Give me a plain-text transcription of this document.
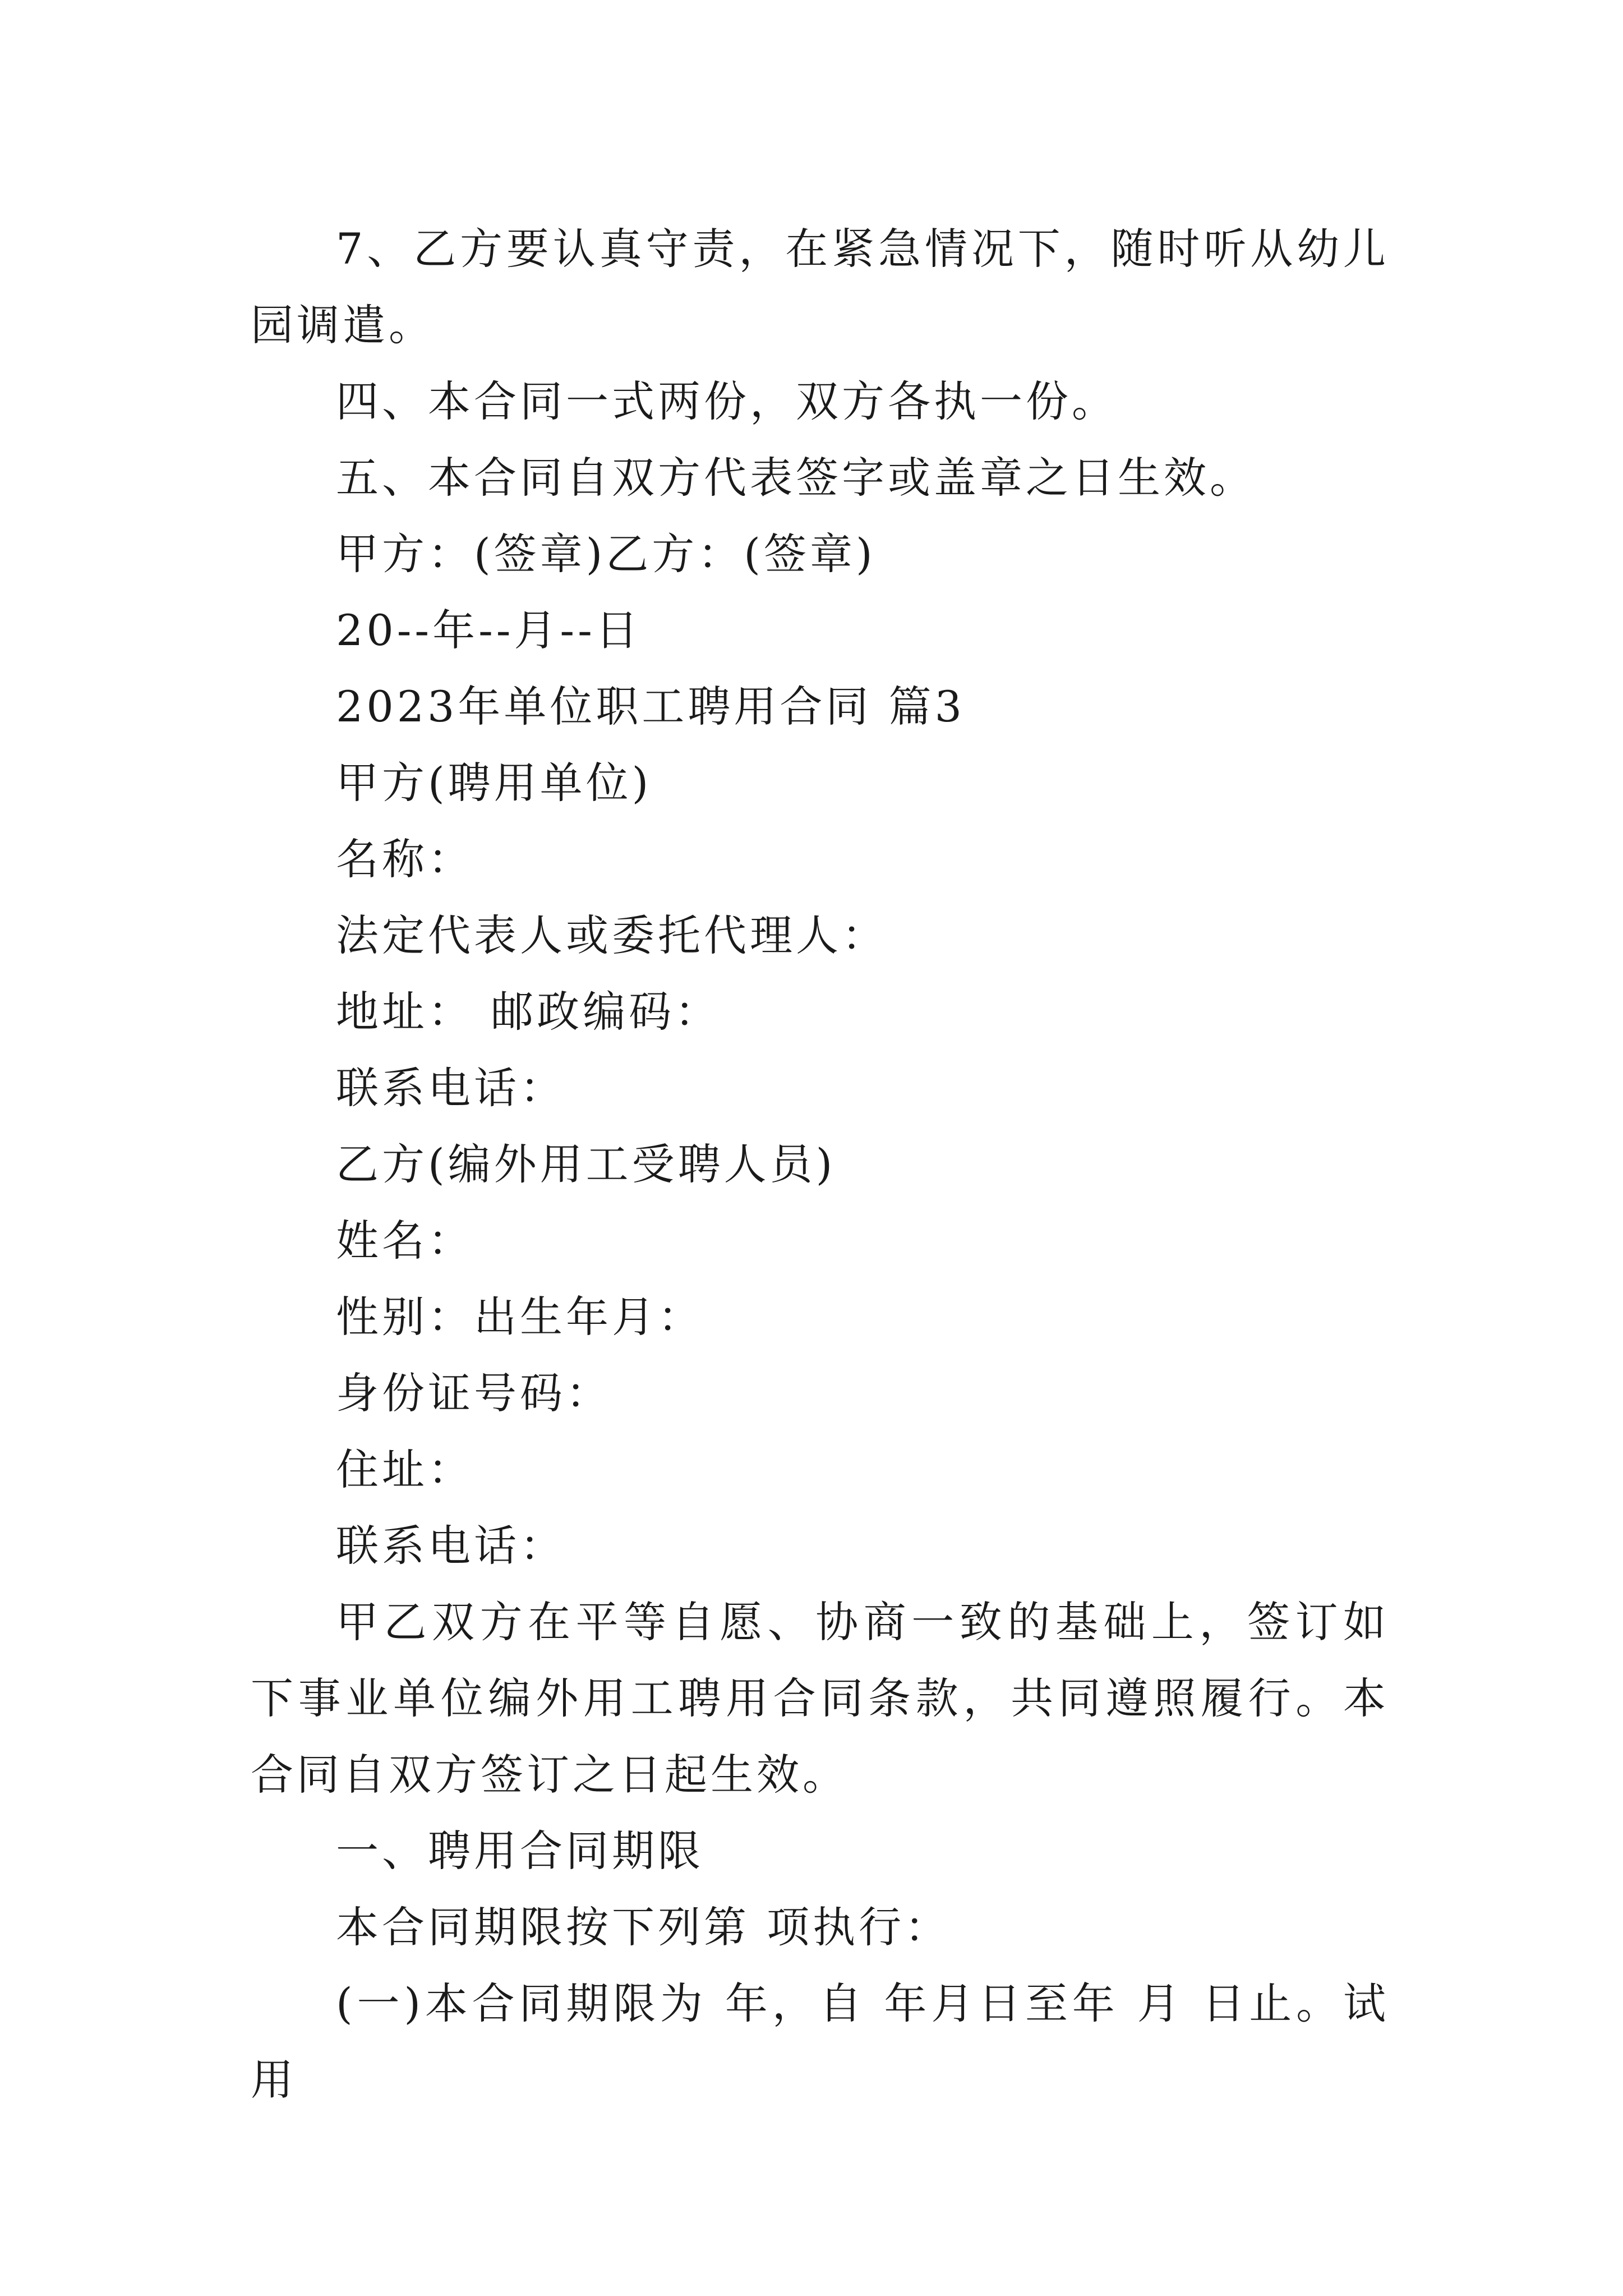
7、乙方要认真守责，在紧急情况下，随时听从幼儿园调遣。

四、本合同一式两份，双方各执一份。

五、本合同自双方代表签字或盖章之日生效。

甲方：(签章)乙方：(签章)

20--年--月--日

2023年单位职工聘用合同 篇3

甲方(聘用单位)

名称：

法定代表人或委托代理人：

地址： 邮政编码：

联系电话：

乙方(编外用工受聘人员)

姓名：

性别：出生年月：

身份证号码：

住址：

联系电话：

甲乙双方在平等自愿、协商一致的基础上，签订如下事业单位编外用工聘用合同条款，共同遵照履行。本合同自双方签订之日起生效。

一、聘用合同期限

本合同期限按下列第 项执行：

(一)本合同期限为 年，自 年月日至年 月 日止。试用
